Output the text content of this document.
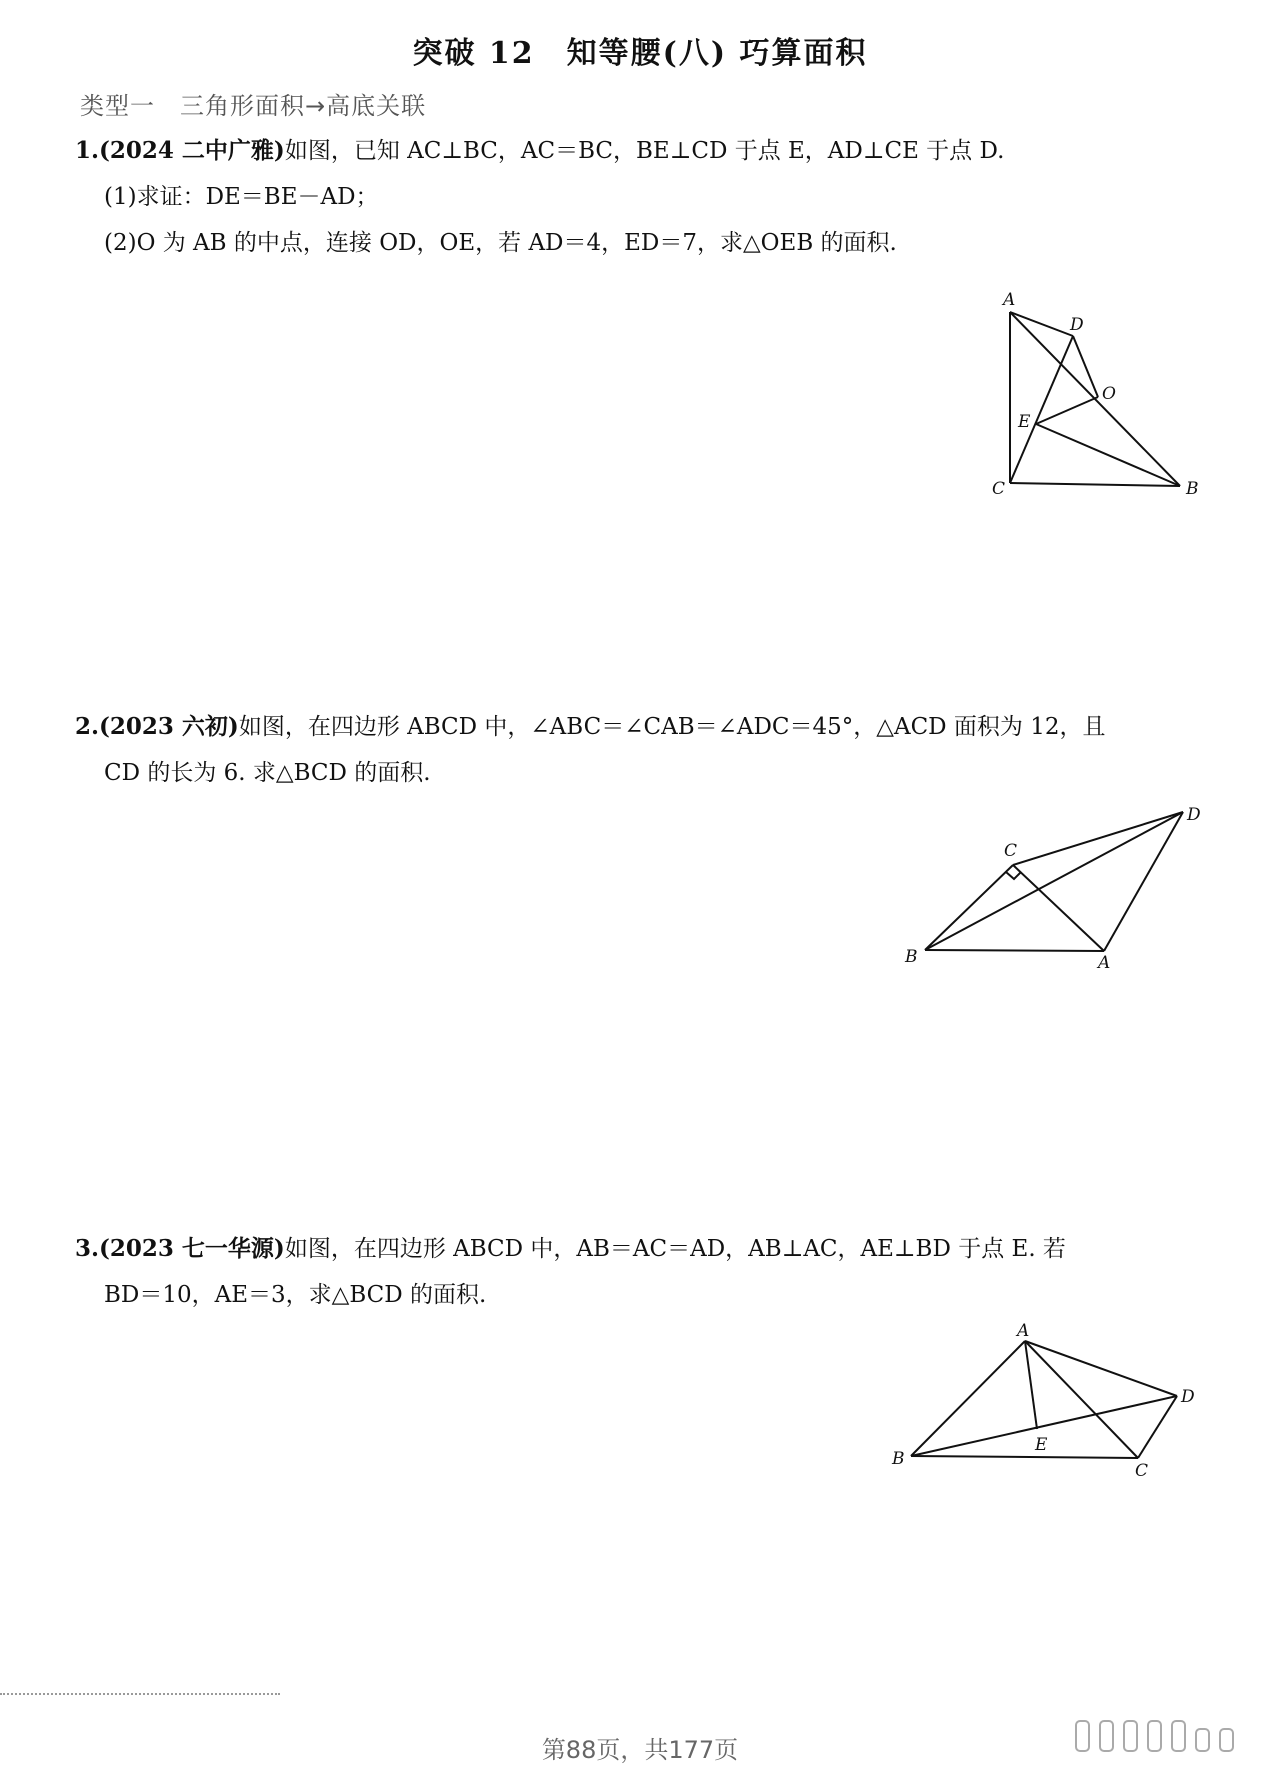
突破 12　知等腰(八) 巧算面积
类型一　三角形面积→高底关联
1.(2024 二中广雅)如图，已知 AC⊥BC，AC＝BC，BE⊥CD 于点 E，AD⊥CE 于点 D.
(1)求证：DE＝BE－AD；
(2)O 为 AB 的中点，连接 OD，OE，若 AD＝4，ED＝7，求△OEB 的面积.
A
D
O
E
C	B
2.(2023 六初)如图，在四边形 ABCD 中，∠ABC＝∠CAB＝∠ADC＝45°，△ACD 面积为 12，且
CD 的长为 6. 求△BCD 的面积.
C
D
B	A
3.(2023 七一华源)如图，在四边形 ABCD 中，AB＝AC＝AD，AB⊥AC，AE⊥BD 于点 E. 若
BD＝10，AE＝3，求△BCD 的面积.
A
D
E
B
C
第88页，共177页
